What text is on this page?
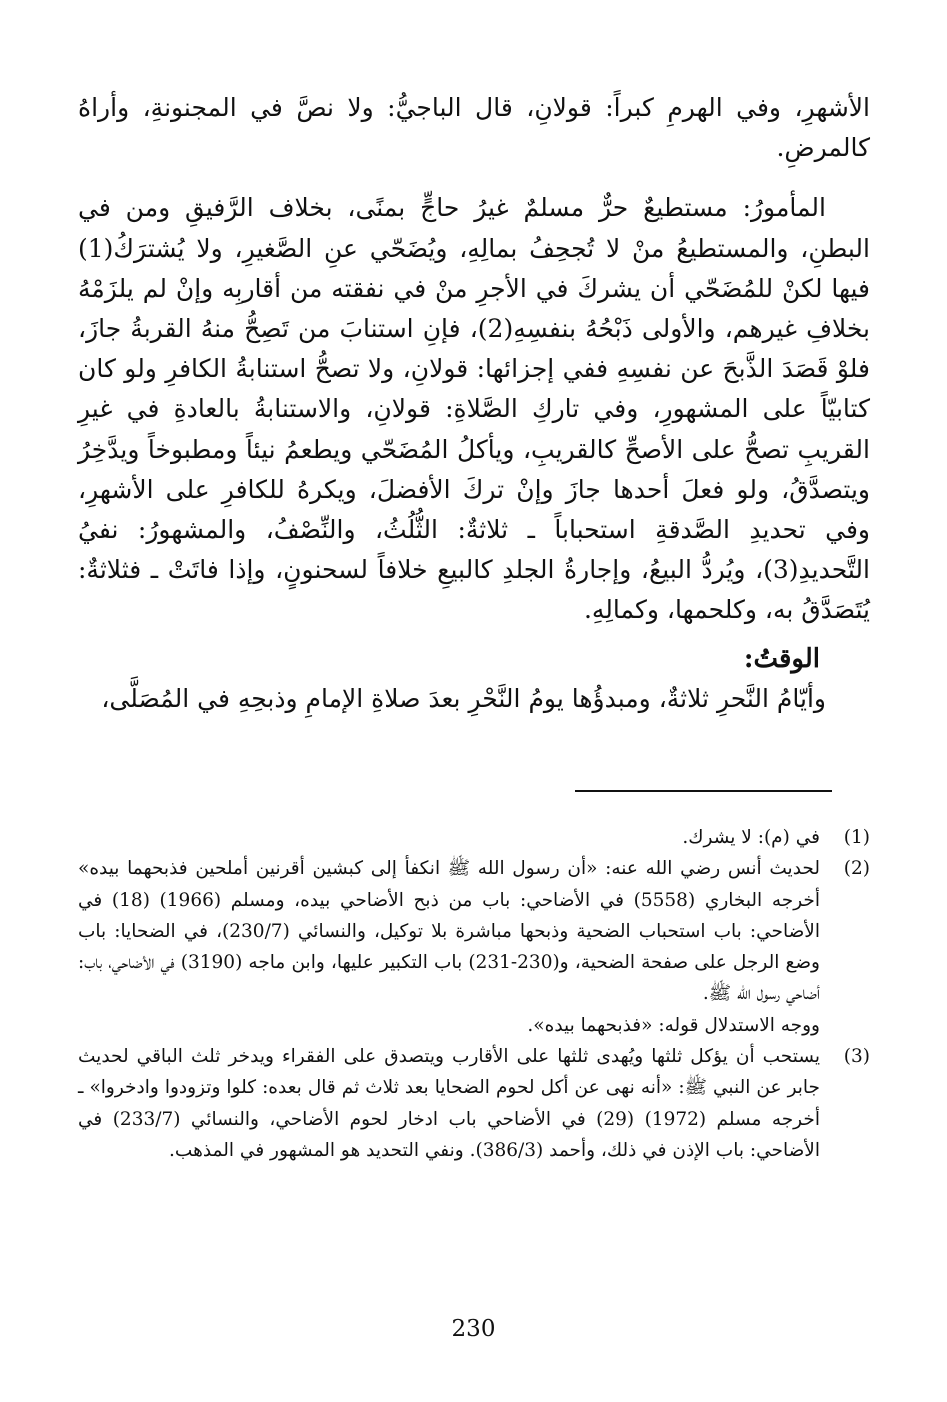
الأشهرِ، وفي الهرمِ كبراً: قولانِ، قال الباجيُّ: ولا نصَّ في المجنونةِ، وأراهُ كالمرضِ.

المأمورُ: مستطيعٌ حرٌّ مسلمٌ غيرُ حاجٍّ بمنًى، بخلاف الرَّفيقِ ومن في البطنِ، والمستطيعُ منْ لا تُجحِفُ بمالِهِ، ويُضَحّي عنِ الصَّغيرِ، ولا يُشترَكُ(1) فيها لكنْ للمُضَحّي أن يشركَ في الأجرِ منْ في نفقته من أقاربِه وإنْ لم يلزَمْهُ بخلافِ غيرهم، والأولى ذَبْحُهُ بنفسِهِ(2)، فإنِ استنابَ من تَصِحُّ منهُ القربةُ جازَ، فلوْ قَصَدَ الذَّبحَ عن نفسِهِ ففي إجزائها: قولانِ، ولا تصحُّ استنابةُ الكافرِ ولو كان كتابيّاً على المشهورِ، وفي تاركِ الصَّلاةِ: قولانِ، والاستنابةُ بالعادةِ في غيرِ القريبِ تصحُّ على الأصحِّ كالقريبِ، ويأكلُ المُضَحّي ويطعمُ نيئاً ومطبوخاً ويدَّخِرُ ويتصدَّقُ، ولو فعلَ أحدها جازَ وإنْ تركَ الأفضلَ، ويكرهُ للكافرِ على الأشهرِ، وفي تحديدِ الصَّدقةِ استحباباً ـ ثلاثةٌ: الثُّلُثُ، والنِّصْفُ، والمشهورُ: نفيُ التَّحديدِ(3)، ويُردُّ البيعُ، وإجارةُ الجلدِ كالبيعِ خلافاً لسحنونٍ، وإذا فاتَتْ ـ فثلاثةٌ: يُتَصَدَّقُ به، وكلحمها، وكمالِهِ.

الوقتُ:

وأيّامُ النَّحرِ ثلاثةٌ، ومبدؤُها يومُ النَّحْرِ بعدَ صلاةِ الإمامِ وذبحِهِ في المُصَلَّى،

(1)
في (م): لا يشرك.
(2)
لحديث أنس رضي الله عنه: «أن رسول الله ﷺ انكفأ إلى كبشين أقرنين أملحين فذبحهما بيده» أخرجه البخاري (5558) في الأضاحي: باب من ذبح الأضاحي بيده، ومسلم (1966) (18) في الأضاحي: باب استحباب الضحية وذبحها مباشرة بلا توكيل، والنسائي (230/7)، في الضحايا: باب وضع الرجل على صفحة الضحية، و(230-231) باب التكبير عليها، وابن ماجه (3190) في الأضاحي، باب: أضاحي رسول الله ﷺ.
ووجه الاستدلال قوله: «فذبحهما بيده».
(3)
يستحب أن يؤكل ثلثها ويُهدى ثلثها على الأقارب ويتصدق على الفقراء ويدخر ثلث الباقي لحديث جابر عن النبي ﷺ: «أنه نهى عن أكل لحوم الضحايا بعد ثلاث ثم قال بعده: كلوا وتزودوا وادخروا» ـ أخرجه مسلم (1972) (29) في الأضاحي باب ادخار لحوم الأضاحي، والنسائي (233/7) في الأضاحي: باب الإذن في ذلك، وأحمد (386/3). ونفي التحديد هو المشهور في المذهب.
230
